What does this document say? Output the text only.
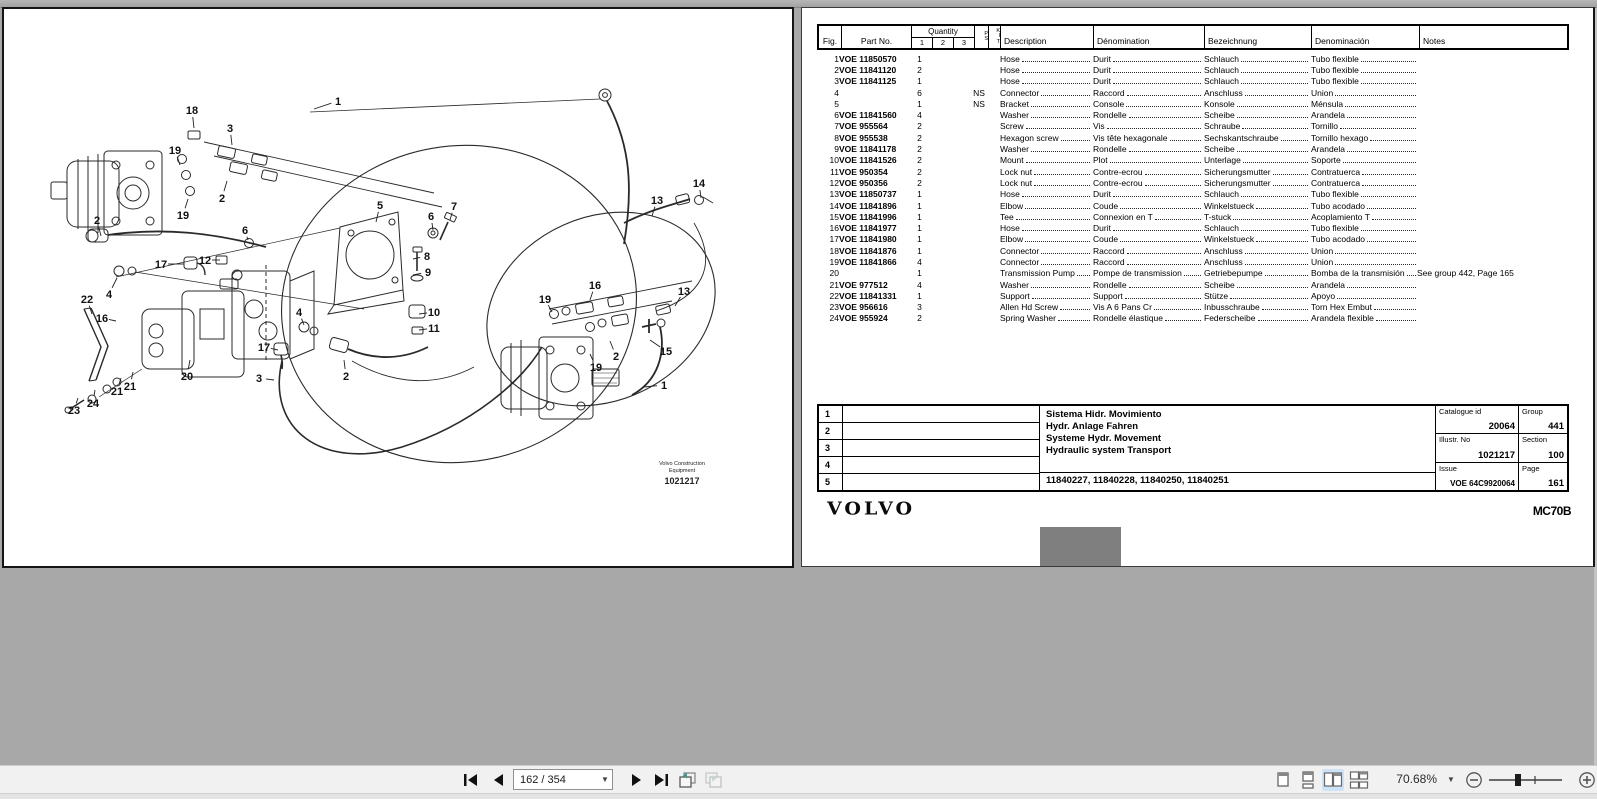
1
18
3
19
2
19
2
5
6
7
6
12
17
8
9
10
11
13
14
22
16
4
4
17
20	3	2
21 21
23
24
19
16	13
2
19
15
1
Volvo Construction
Equipment
1021217
Fig.	Part No.
Quantity
1	2	3
P
S
K
I
T Description	Dénomination	Bezeichnung	Denominación	Notes
1	VOE 11850570	1					Hose	Durit	Schlauch	Tubo flexible	

2	VOE 11841120	2					Hose	Durit	Schlauch	Tubo flexible	

3	VOE 11841125	1					Hose	Durit	Schlauch	Tubo flexible	

4		6			NS		Connector	Raccord	Anschluss	Union	

5		1			NS		Bracket	Console	Konsole	Ménsula	

6	VOE 11841560	4					Washer	Rondelle	Scheibe	Arandela	

7	VOE 955564	2					Screw	Vis	Schraube	Tornillo	

8	VOE 955538	2					Hexagon screw	Vis tête hexagonale	Sechskantschraube	Tornillo hexago	

9	VOE 11841178	2					Washer	Rondelle	Scheibe	Arandela	

10	VOE 11841526	2					Mount	Plot	Unterlage	Soporte	

11	VOE 950354	2					Lock nut	Contre-ecrou	Sicherungsmutter	Contratuerca	

12	VOE 950356	2					Lock nut	Contre-ecrou	Sicherungsmutter	Contratuerca	

13	VOE 11850737	1					Hose	Durit	Schlauch	Tubo flexible	

14	VOE 11841896	1					Elbow	Coude	Winkelstueck	Tubo acodado	

15	VOE 11841996	1					Tee	Connexion en T	T-stuck	Acoplamiento T	

16	VOE 11841977	1					Hose	Durit	Schlauch	Tubo flexible	

17	VOE 11841980	1					Elbow	Coude	Winkelstueck	Tubo acodado	

18	VOE 11841876	1					Connector	Raccord	Anschluss	Union	

19	VOE 11841866	4					Connector	Raccord	Anschluss	Union	

20		1					Transmission Pump	Pompe de transmission	Getriebepumpe	Bomba de la transmisión	See group 442, Page 165
21	VOE 977512	4					Washer	Rondelle	Scheibe	Arandela	

22	VOE 11841331	1					Support	Support	Stütze	Apoyo	

23	VOE 956616	3					Allen Hd Screw	Vis A 6 Pans Cr	Inbusschraube	Torn Hex Embut	

24	VOE 955924	2					Spring Washer	Rondelle élastique	Federscheibe	Arandela flexible	

1
2
3
4
5
Sistema Hidr. Movimiento
Hydr. Anlage Fahren
Systeme Hydr. Movement
Hydraulic system Transport
11840227, 11840228, 11840250, 11840251
Catalogue id
20064
Group
441
Illustr. No
1021217
Section
100
Issue
VOE 64C9920064
Page
161
VOLVO	MC70B
162 / 354	▼	70.68% ▼
